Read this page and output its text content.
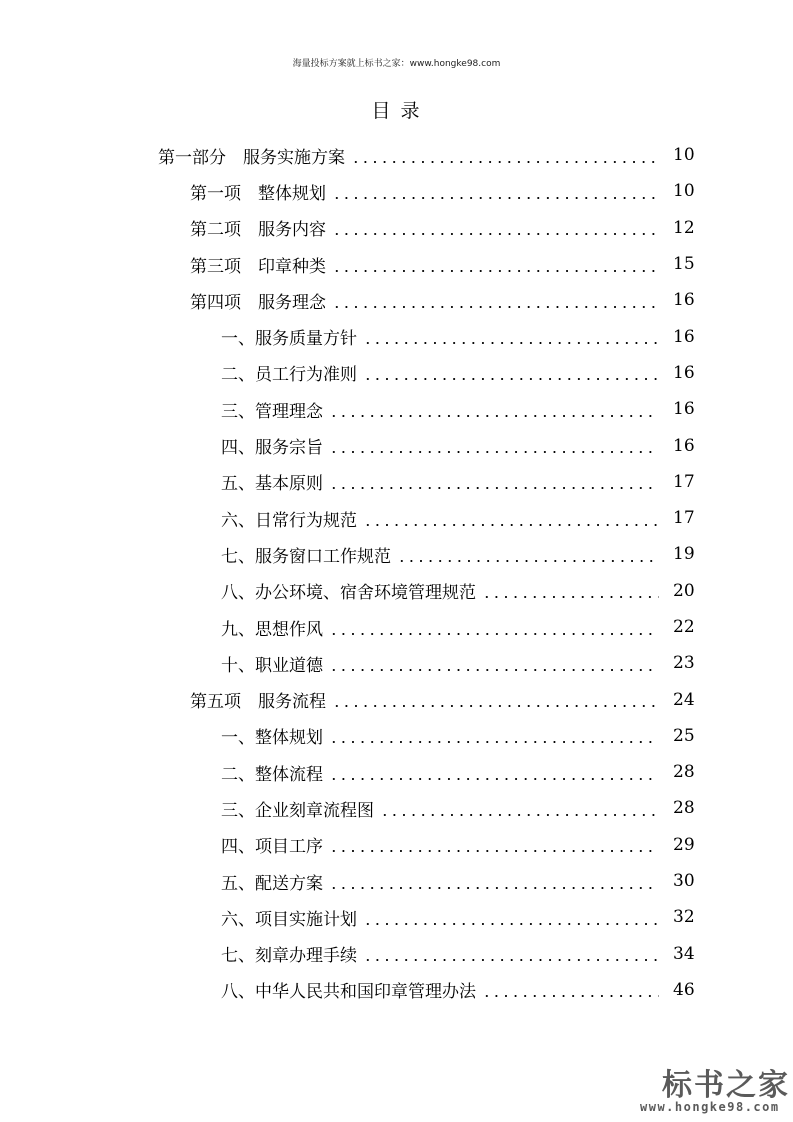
海量投标方案就上标书之家：www.hongke98.com
目 录
第一部分　 服务实施方案	10
第一项　 整体规划	10
第二项　 服务内容	12
第三项　 印章种类	15
第四项　 服务理念	16
一、 服务质量方针	16
二、 员工行为准则	16
三、 管理理念	16
四、 服务宗旨	16
五、 基本原则	17
六、 日常行为规范	17
七、 服务窗口工作规范	19
八、 办公环境、宿舍环境管理规范	20
九、 思想作风	22
十、 职业道德	23
第五项　 服务流程	24
一、 整体规划	25
二、 整体流程	28
三、 企业刻章流程图	28
四、 项目工序	29
五、 配送方案	30
六、 项目实施计划	32
七、 刻章办理手续	34
八、 中华人民共和国印章管理办法	46
标书之家
www.hongke98.com
